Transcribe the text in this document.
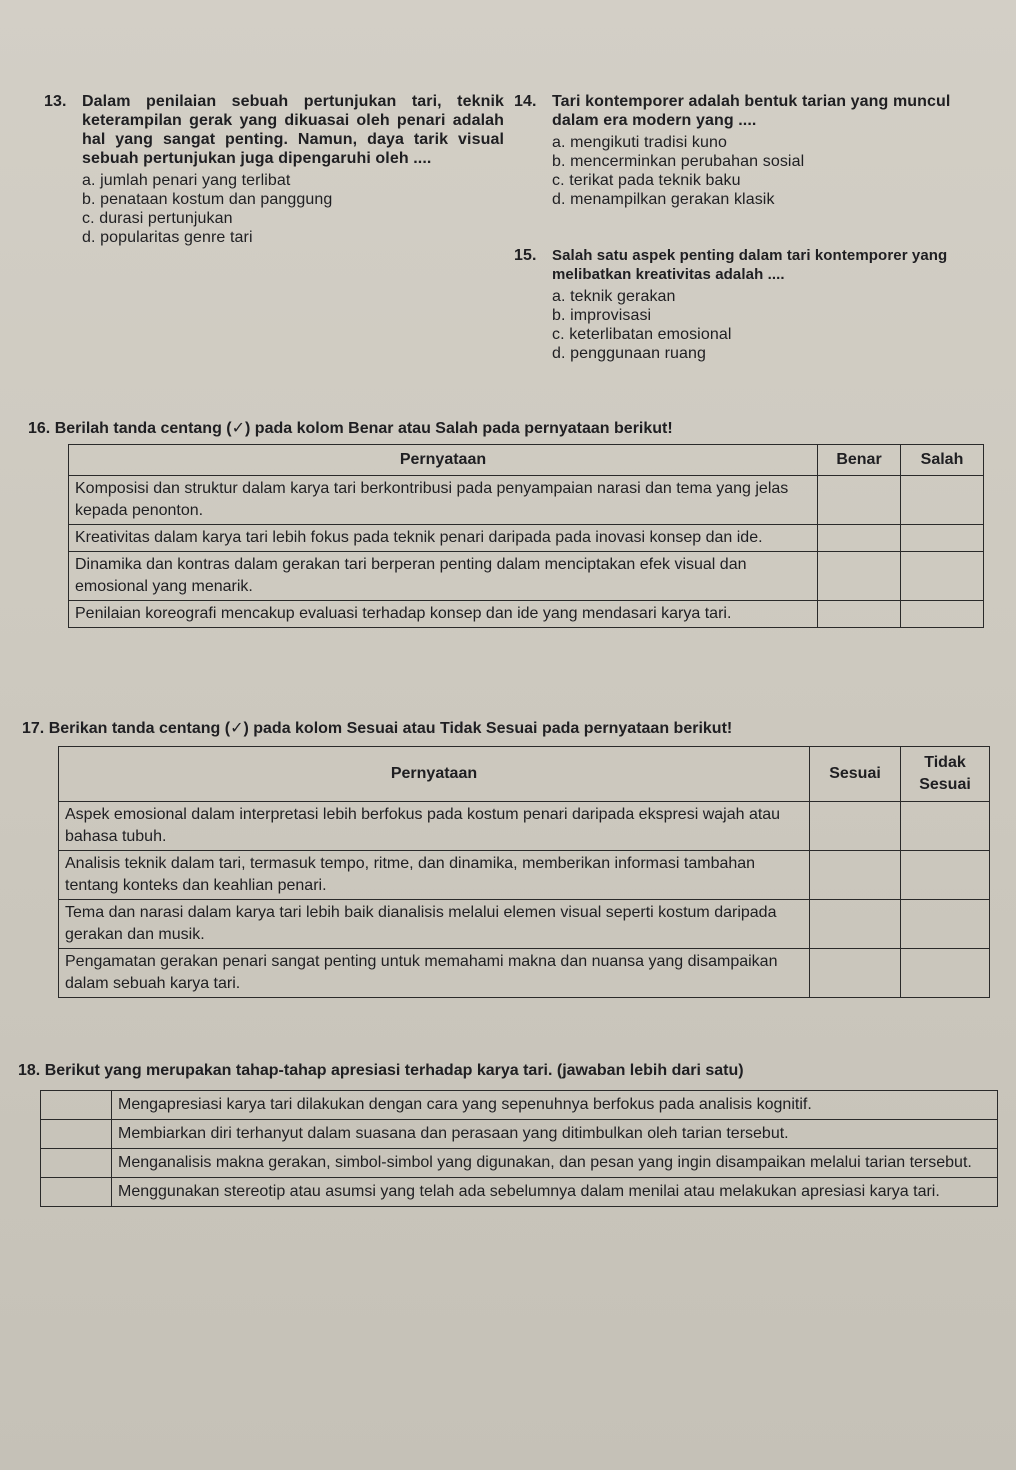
13. Dalam penilaian sebuah pertunjukan tari, teknik keterampilan gerak yang dikuasai oleh penari adalah hal yang sangat penting. Namun, daya tarik visual sebuah pertunjukan juga dipengaruhi oleh ....
a. jumlah penari yang terlibat
b. penataan kostum dan panggung
c. durasi pertunjukan
d. popularitas genre tari
14. Tari kontemporer adalah bentuk tarian yang muncul dalam era modern yang ....
a. mengikuti tradisi kuno
b. mencerminkan perubahan sosial
c. terikat pada teknik baku
d. menampilkan gerakan klasik
15.	Salah satu aspek penting dalam tari kontemporer yang melibatkan kreativitas adalah ....
a. teknik gerakan
b. improvisasi
c. keterlibatan emosional
d. penggunaan ruang
16. Berilah tanda centang (✓) pada kolom Benar atau Salah pada pernyataan berikut!
Pernyataan	Benar	Salah
Komposisi dan struktur dalam karya tari berkontribusi pada penyampaian narasi dan tema yang jelas kepada penonton.		
Kreativitas dalam karya tari lebih fokus pada teknik penari daripada pada inovasi konsep dan ide.		
Dinamika dan kontras dalam gerakan tari berperan penting dalam menciptakan efek visual dan emosional yang menarik.		
Penilaian koreografi mencakup evaluasi terhadap konsep dan ide yang mendasari karya tari.		
17. Berikan tanda centang (✓) pada kolom Sesuai atau Tidak Sesuai pada pernyataan berikut!
Pernyataan	Sesuai	Tidak Sesuai
Aspek emosional dalam interpretasi lebih berfokus pada kostum penari daripada ekspresi wajah atau bahasa tubuh.		
Analisis teknik dalam tari, termasuk tempo, ritme, dan dinamika, memberikan informasi tambahan tentang konteks dan keahlian penari.		
Tema dan narasi dalam karya tari lebih baik dianalisis melalui elemen visual seperti kostum daripada gerakan dan musik.		
Pengamatan gerakan penari sangat penting untuk memahami makna dan nuansa yang disampaikan dalam sebuah karya tari.		
18. Berikut yang merupakan tahap-tahap apresiasi terhadap karya tari. (jawaban lebih dari satu)
	Mengapresiasi karya tari dilakukan dengan cara yang sepenuhnya berfokus pada analisis kognitif.
	Membiarkan diri terhanyut dalam suasana dan perasaan yang ditimbulkan oleh tarian tersebut.
	Menganalisis makna gerakan, simbol-simbol yang digunakan, dan pesan yang ingin disampaikan melalui tarian tersebut.
	Menggunakan stereotip atau asumsi yang telah ada sebelumnya dalam menilai atau melakukan apresiasi karya tari.
